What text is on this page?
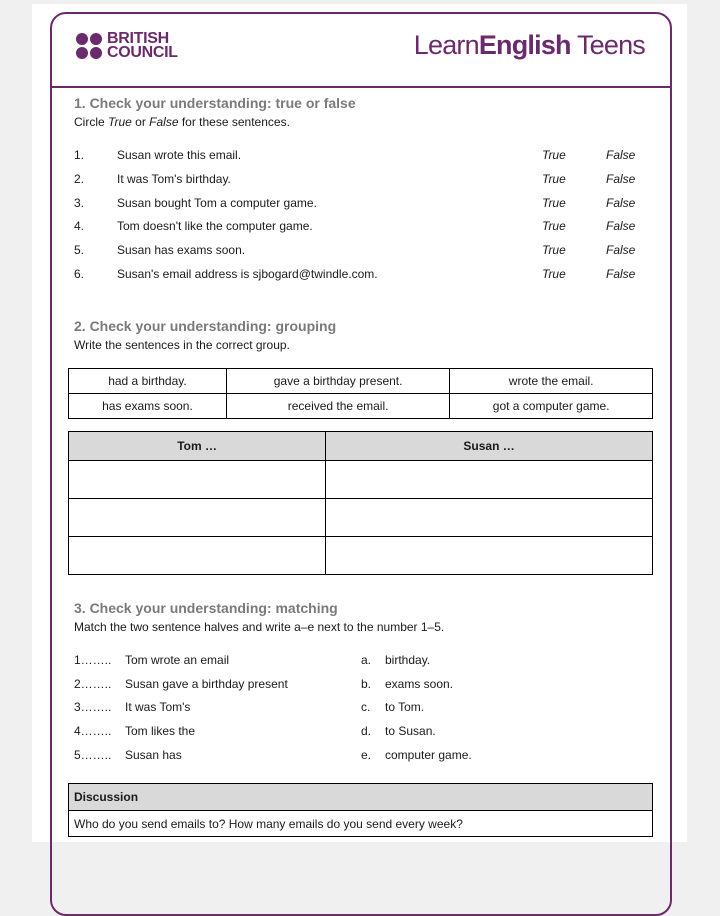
BRITISH
COUNCIL	LearnEnglish Teens
1. Check your understanding: true or false

Circle True or False for these sentences.

1.	Susan wrote this email.	True	False
2.	It was Tom's birthday.	True	False
3.	Susan bought Tom a computer game.	True	False
4.	Tom doesn't like the computer game.	True	False
5.	Susan has exams soon.	True	False
6.	Susan's email address is sjbogard@twindle.com.	True	False
2. Check your understanding: grouping

Write the sentences in the correct group.

had a birthday.	gave a birthday present.	wrote the email.
has exams soon.	received the email.	got a computer game.
Tom …	Susan …

3. Check your understanding: matching

Match the two sentence halves and write a–e next to the number 1–5.

1…….. Tom wrote an email	a. birthday.
2…….. Susan gave a birthday present	b. exams soon.
3…….. It was Tom's	c. to Tom.
4…….. Tom likes the	d. to Susan.
5…….. Susan has	e. computer game.
Discussion
Who do you send emails to? How many emails do you send every week?
